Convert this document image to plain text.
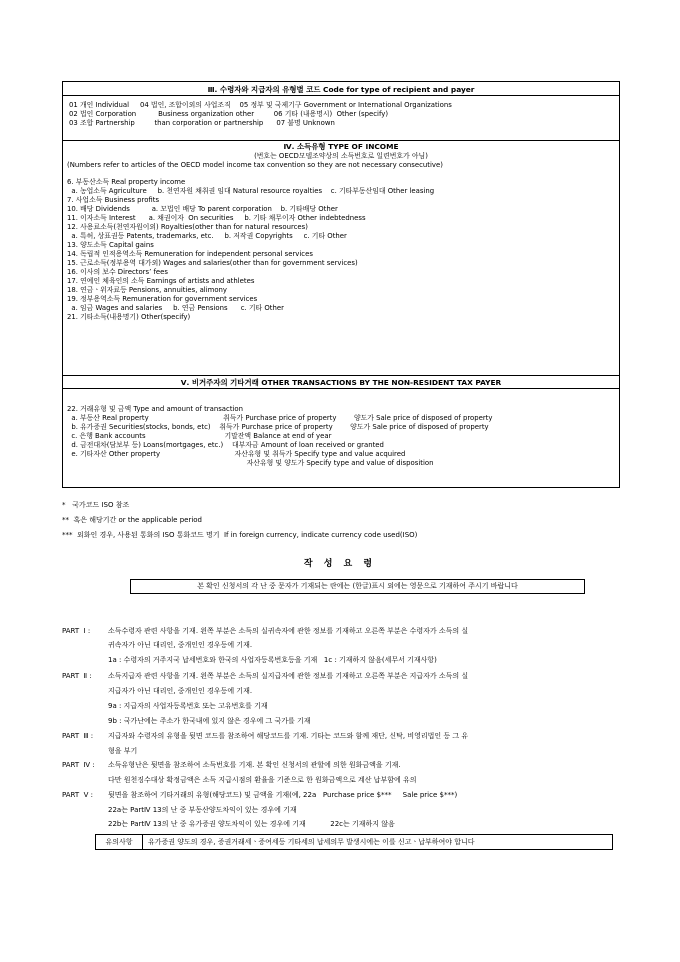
Ⅲ. 수령자와 지급자의 유형별 코드 Code for type of recipient and payer
01 개인 Individual     04 법인, 조합이외의 사업조직    05 정부 및 국제기구 Government or International Organizations
02 법인 Corporation          Business organization other         06 기타 (내용명시)  Other (specify)
03 조합 Partnership         than corporation or partnership      07 불명 Unknown
Ⅳ. 소득유형 TYPE OF INCOME
(번호는 OECD모델조약상의 소득번호로 일련번호가 아님)
(Numbers refer to articles of the OECD model income tax convention so they are not necessary consecutive)
6. 부동산소득 Real property income
a. 농업소득 Agriculture     b. 천연자원 채취권 임대 Natural resource royalties    c. 기타부동산임대 Other leasing
7. 사업소득 Business profits
10. 배당 Dividends          a. 모법인 배당 To parent corporation    b. 기타배당 Other
11. 이자소득 Interest      a. 채권이자  On securities     b. 기타 채무이자 Other indebtedness
12. 사용료소득(천연자원이외) Royalties(other than for natural resources)
a. 특허, 상표권등 Patents, trademarks, etc.     b. 저작권 Copyrights     c. 기타 Other
13. 양도소득 Capital gains
14. 독립적 인적용역소득 Remuneration for independent personal services
15. 근로소득(정부용역 대가외) Wages and salaries(other than for government services)
16. 이사의 보수 Directors’ fees
17. 연예인 체육인의 소득 Earnings of artists and athletes
18. 연금ㆍ위자료등 Pensions, annuities, alimony
19. 정부용역소득 Remuneration for government services
a. 임금 Wages and salaries     b. 연금 Pensions      c. 기타 Other
21. 기타소득(내용명기) Other(specify)
Ⅴ. 비거주자의 기타거래 OTHER TRANSACTIONS BY THE NON-RESIDENT TAX PAYER
22. 거래유형 및 금액 Type and amount of transaction
a. 부동산 Real property                                  취득가 Purchase price of property        양도가 Sale price of disposed of property
b. 유가증권 Securities(stocks, bonds, etc)    취득가 Purchase price of property        양도가 Sale price of disposed of property
c. 은행 Bank accounts                                    기말잔액 Balance at end of year
d. 금전대차(담보부 등) Loans(mortgages, etc.)    대부자금 Amount of loan received or granted
e. 기타자산 Other property                                  자산유형 및 취득가 Specify type and value acquired
자산유형 및 양도가 Specify type and value of disposition
*   국가코드 ISO 참조
**  혹은 해당기간 or the applicable period
***  외화인 경우, 사용된 통화의 ISO 통화코드 명기  If in foreign currency, indicate currency code used(ISO)
작 성 요 령
본 확인 신청서의 각 난 중 문자가 기재되는 란에는 (한글)표시 외에는 영문으로 기재하여 주시기 바랍니다
PART  Ⅰ :	소득수령자 관련 사항을 기재. 왼쪽 부분은 소득의 실귀속자에 관한 정보를 기재하고 오른쪽 부분은 수령자가 소득의 실
귀속자가 아닌 대리인, 중개인인 경우등에 기재.
1a : 수령자의 거주지국 납세번호와 한국의 사업자등록번호등을 기재   1c : 기재하지 않음(세무서 기재사항)
PART  Ⅱ : 소득지급자 관련 사항을 기재. 왼쪽 부분은 소득의 실지급자에 관한 정보를 기재하고 오른쪽 부분은 지급자가 소득의 실
지급자가 아닌 대리인, 중개인인 경우등에 기재.
9a : 지급자의 사업자등록번호 또는 고유번호를 기재
9b : 국가난에는 주소가 한국내에 있지 않은 경우에 그 국가를 기재
PART  Ⅲ : 지급자와 수령자의 유형을 뒷면 코드를 참조하여 해당코드를 기재. 기타는 코드와 함께 재단, 신탁, 비영리법인 등 그 유
형을 부기
PART  Ⅳ : 소득유형난은 뒷면을 참조하여 소득번호를 기재. 본 확인 신청서의 관할에 의한 원화금액을 기재.
다만 원천징수대상 확정금액은 소득 지급시점의 환율을 기준으로 한 원화금액으로 계산 납부함에 유의
PART  Ⅴ : 뒷면을 참조하여 기타거래의 유형(해당코드) 및 금액을 기재(예, 22a   Purchase price $***     Sale price $***)
22a는 PartⅣ 13의 난 중 부동산양도차익이 있는 경우에 기재
22b는 PartⅣ 13의 난 중 유가증권 양도차익이 있는 경우에 기재           22c는 기재하지 않음
유의사항	유가증권 양도의 경우, 증권거래세ㆍ증여세등 기타세의 납세의무 발생시에는 이를 신고ㆍ납부하여야 합니다
